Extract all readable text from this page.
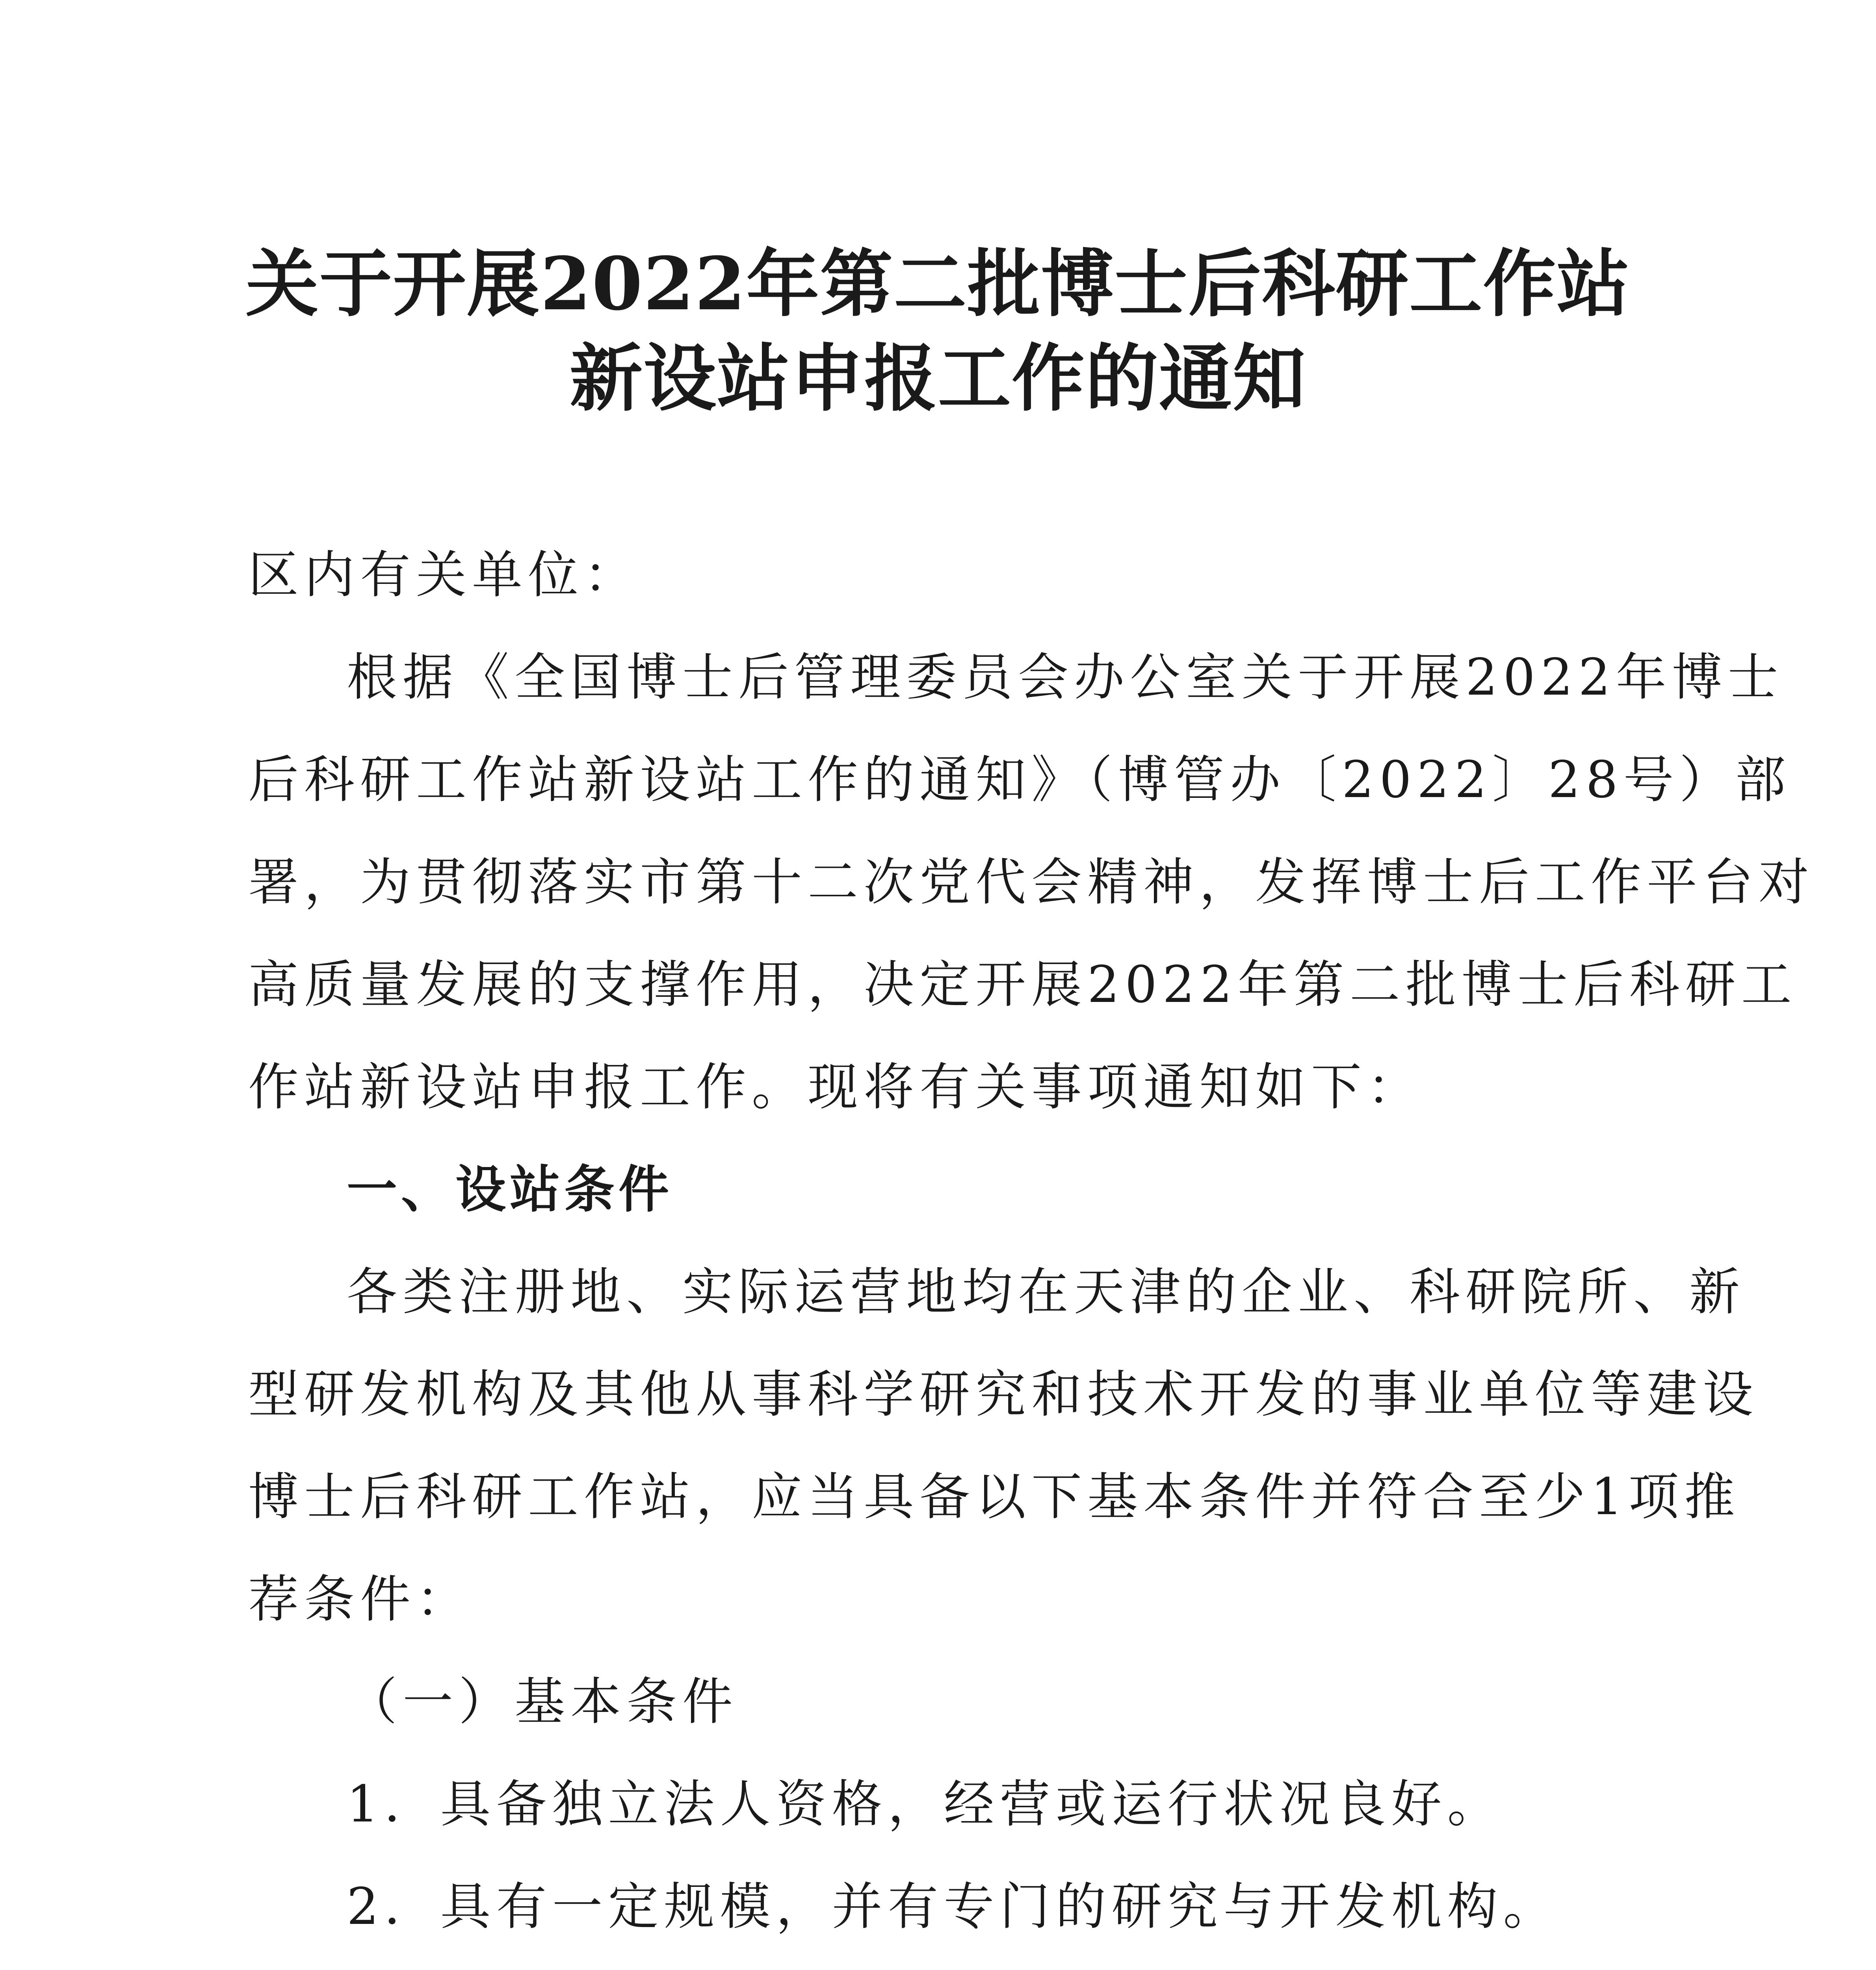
关于开展2022年第二批博士后科研工作站
新设站申报工作的通知
区内有关单位：
根据《全国博士后管理委员会办公室关于开展2022年博士
后科研工作站新设站工作的通知》（博管办〔2022〕28号）部
署，为贯彻落实市第十二次党代会精神，发挥博士后工作平台对
高质量发展的支撑作用，决定开展2022年第二批博士后科研工
作站新设站申报工作。现将有关事项通知如下：
一、设站条件
各类注册地、实际运营地均在天津的企业、科研院所、新
型研发机构及其他从事科学研究和技术开发的事业单位等建设
博士后科研工作站，应当具备以下基本条件并符合至少1项推
荐条件：
（一）基本条件
1．具备独立法人资格，经营或运行状况良好。
2．具有一定规模，并有专门的研究与开发机构。
